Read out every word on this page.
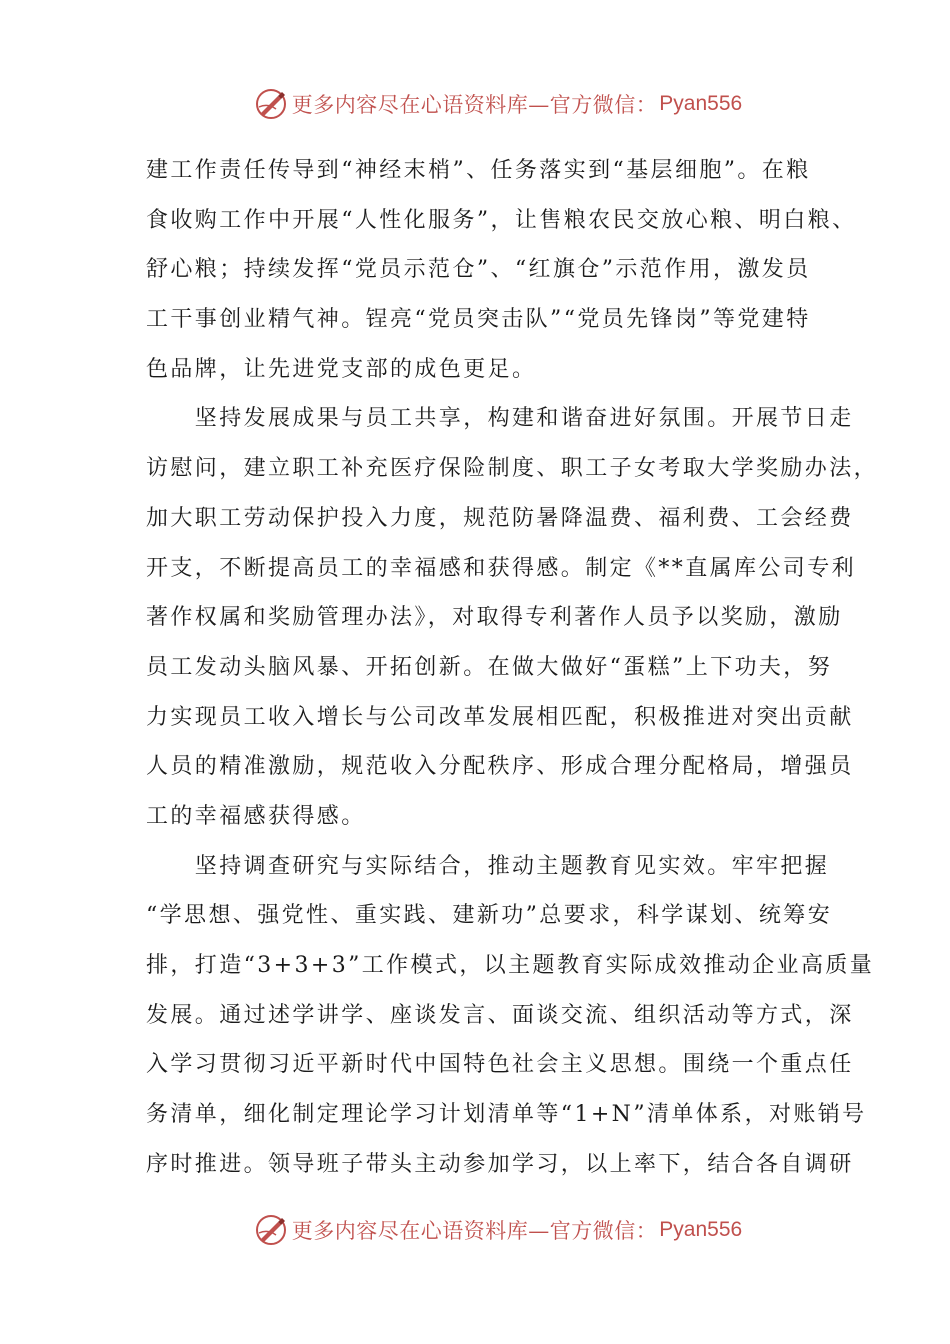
更多内容尽在心语资料库—官方微信： Pyan556
建工作责任传导到“神经末梢”、任务落实到“基层细胞”。在粮
食收购工作中开展“人性化服务”，让售粮农民交放心粮、明白粮、
舒心粮；持续发挥“党员示范仓”、“红旗仓”示范作用，激发员
工干事创业精气神。锃亮“党员突击队”“党员先锋岗”等党建特
色品牌，让先进党支部的成色更足。
　　坚持发展成果与员工共享，构建和谐奋进好氛围。开展节日走
访慰问，建立职工补充医疗保险制度、职工子女考取大学奖励办法，
加大职工劳动保护投入力度，规范防暑降温费、福利费、工会经费
开支，不断提高员工的幸福感和获得感。制定《**直属库公司专利
著作权属和奖励管理办法》，对取得专利著作人员予以奖励，激励
员工发动头脑风暴、开拓创新。在做大做好“蛋糕”上下功夫，努
力实现员工收入增长与公司改革发展相匹配，积极推进对突出贡献
人员的精准激励，规范收入分配秩序、形成合理分配格局，增强员
工的幸福感获得感。
　　坚持调查研究与实际结合，推动主题教育见实效。牢牢把握
“学思想、强党性、重实践、建新功”总要求，科学谋划、统筹安
排，打造“3+3+3”工作模式，以主题教育实际成效推动企业高质量
发展。通过述学讲学、座谈发言、面谈交流、组织活动等方式，深
入学习贯彻习近平新时代中国特色社会主义思想。围绕一个重点任
务清单，细化制定理论学习计划清单等“1+N”清单体系，对账销号
序时推进。领导班子带头主动参加学习，以上率下，结合各自调研
更多内容尽在心语资料库—官方微信： Pyan556
